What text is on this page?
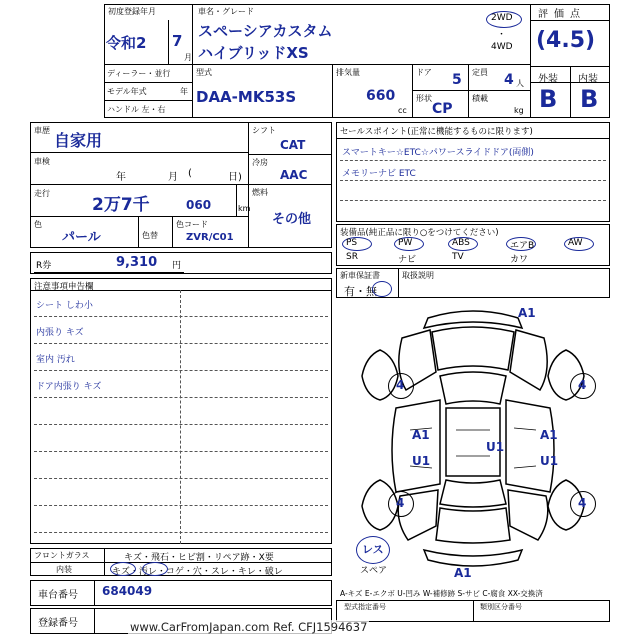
初度登録年月
令和2 7
月
車名・グレード
スペーシアカスタム
ハイブリッドXS
2WD
・
4WD
評価点
(4.5)
ディーラー・並行
モデル年式	年
ハンドル 左・右
型式
DAA-MK53S
排気量
660
cc
ドア 5 定員 4 人
形状
CP
積載
kg
外装 内装
B B
車歴
自家用
車検
年	月	日)
(
走行
2万7千	060	km
色
パール	色替
色コード
ZVR/C01
シフト
CAT
冷房
AAC
燃料
その他
R券	9,310 円
セールスポイント(正常に機能するものに限ります)
スマートキー☆ETC☆パワースライドドア(両側)
メモリーナビ ETC
装備品(純正品に限り○をつけてください)
PS	PW	ABS	エアB	AW
SR	ナビ	TV	カワ
新車保証書	取扱説明
有・無
注意事項申告欄
シート しわ小
内張り キズ
室内 汚れ
ドア内張り キズ
A1
4	4
A1	A1
U1
U1	U1
4	4
A1
レス
スペア
A-キズ E-エクボ U-凹み W-補修跡 S-サビ C-腐食 XX-交換済
型式指定番号	類別区分番号
フロントガラス	キズ・飛石・ヒビ割・リペア跡・X要
内装	キズ・汚レ・コゲ・穴・スレ・キレ・破レ
車台番号 684049
登録番号	www.CarFromJapan.com Ref. CFJ1594637
